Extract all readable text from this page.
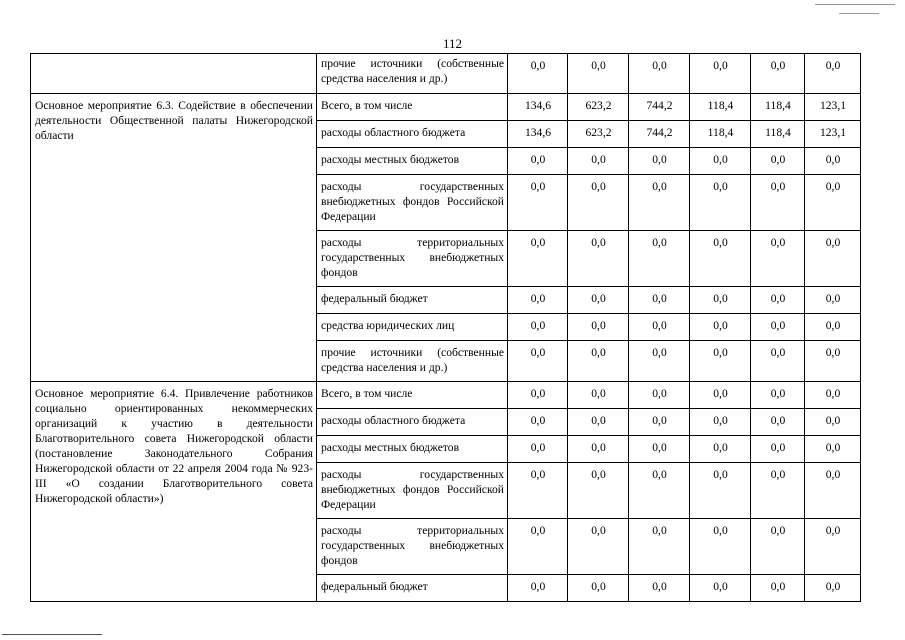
112
	прочие источники (собственные средства населения и др.)	0,0	0,0	0,0	0,0	0,0	0,0
Основное мероприятие 6.3. Содействие в обеспечении деятельности Общественной палаты Нижегородской области	Всего, в том числе	134,6	623,2	744,2	118,4	118,4	123,1
	расходы областного бюджета	134,6	623,2	744,2	118,4	118,4	123,1
	расходы местных бюджетов	0,0	0,0	0,0	0,0	0,0	0,0
	расходы государственных внебюджетных фондов Российской Федерации	0,0	0,0	0,0	0,0	0,0	0,0
	расходы территориальных государственных внебюджетных фондов	0,0	0,0	0,0	0,0	0,0	0,0
	федеральный бюджет	0,0	0,0	0,0	0,0	0,0	0,0
	средства юридических лиц	0,0	0,0	0,0	0,0	0,0	0,0
	прочие источники (собственные средства населения и др.)	0,0	0,0	0,0	0,0	0,0	0,0
Основное мероприятие 6.4. Привлечение работников социально ориентированных некоммерческих организаций к участию в деятельности Благотворительного совета Нижегородской области (постановление Законодательного Собрания Нижегородской области от 22 апреля 2004 года № 923-III «О создании Благотворительного совета Нижегородской области»)	Всего, в том числе	0,0	0,0	0,0	0,0	0,0	0,0
	расходы областного бюджета	0,0	0,0	0,0	0,0	0,0	0,0
	расходы местных бюджетов	0,0	0,0	0,0	0,0	0,0	0,0
	расходы государственных внебюджетных фондов Российской Федерации	0,0	0,0	0,0	0,0	0,0	0,0
	расходы территориальных государственных внебюджетных фондов	0,0	0,0	0,0	0,0	0,0	0,0
	федеральный бюджет	0,0	0,0	0,0	0,0	0,0	0,0
